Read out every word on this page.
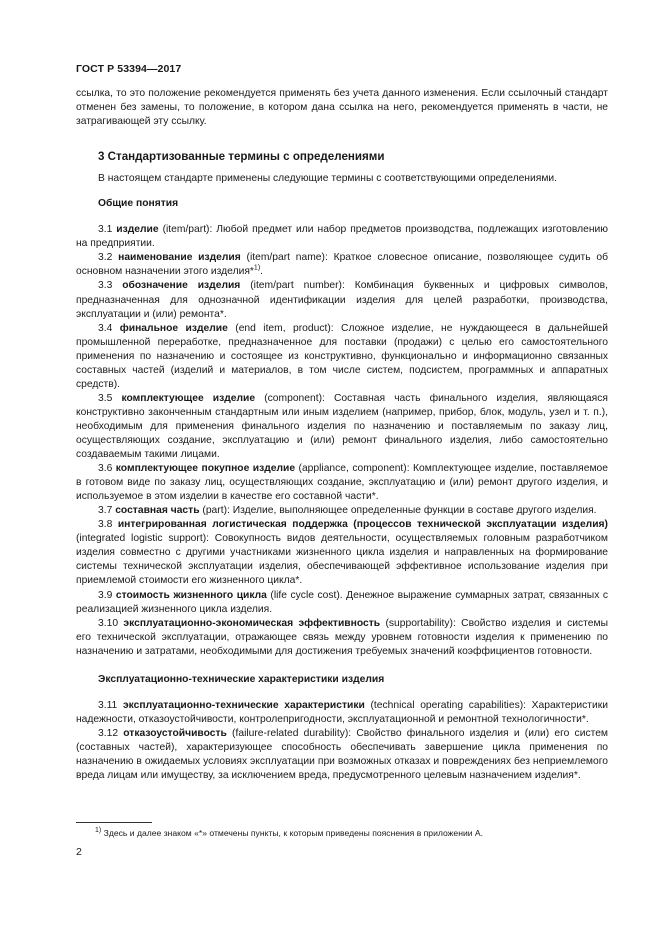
ГОСТ Р 53394—2017

ссылка, то это положение рекомендуется применять без учета данного изменения. Если ссылочный стандарт отменен без замены, то положение, в котором дана ссылка на него, рекомендуется применять в части, не затрагивающей эту ссылку.

3 Стандартизованные термины с определениями

В настоящем стандарте применены следующие термины с соответствующими определениями.

Общие понятия

3.1 изделие (item/part): Любой предмет или набор предметов производства, подлежащих изготовлению на предприятии.

3.2 наименование изделия (item/part name): Краткое словесное описание, позволяющее судить об основном назначении этого изделия*$^{1)}$.

3.3 обозначение изделия (item/part number): Комбинация буквенных и цифровых символов, предназначенная для однозначной идентификации изделия для целей разработки, производства, эксплуатации и (или) ремонта*.

3.4 финальное изделие (end item, product): Сложное изделие, не нуждающееся в дальнейшей промышленной переработке, предназначенное для поставки (продажи) с целью его самостоятельного применения по назначению и состоящее из конструктивно, функционально и информационно связанных составных частей (изделий и материалов, в том числе систем, подсистем, программных и аппаратных средств).

3.5 комплектующее изделие (component): Составная часть финального изделия, являющаяся конструктивно законченным стандартным или иным изделием (например, прибор, блок, модуль, узел и т. п.), необходимым для применения финального изделия по назначению и поставляемым по заказу лиц, осуществляющих создание, эксплуатацию и (или) ремонт финального изделия, либо самостоятельно создаваемым такими лицами.

3.6 комплектующее покупное изделие (appliance, component): Комплектующее изделие, поставляемое в готовом виде по заказу лиц, осуществляющих создание, эксплуатацию и (или) ремонт другого изделия, и используемое в этом изделии в качестве его составной части*.

3.7 составная часть (part): Изделие, выполняющее определенные функции в составе другого изделия.

3.8 интегрированная логистическая поддержка (процессов технической эксплуатации изделия) (integrated logistic support): Совокупность видов деятельности, осуществляемых головным разработчиком изделия совместно с другими участниками жизненного цикла изделия и направленных на формирование системы технической эксплуатации изделия, обеспечивающей эффективное использование изделия при приемлемой стоимости его жизненного цикла*.

3.9 стоимость жизненного цикла (life cycle cost). Денежное выражение суммарных затрат, связанных с реализацией жизненного цикла изделия.

3.10 эксплуатационно-экономическая эффективность (supportability): Свойство изделия и системы его технической эксплуатации, отражающее связь между уровнем готовности изделия к применению по назначению и затратами, необходимыми для достижения требуемых значений коэффициентов готовности.

Эксплуатационно-технические характеристики изделия

3.11 эксплуатационно-технические характеристики (technical operating capabilities): Характеристики надежности, отказоустойчивости, контролепригодности, эксплуатационной и ремонтной технологичности*.

3.12 отказоустойчивость (failure-related durability): Свойство финального изделия и (или) его систем (составных частей), характеризующее способность обеспечивать завершение цикла применения по назначению в ожидаемых условиях эксплуатации при возможных отказах и повреждениях без неприемлемого вреда лицам или имуществу, за исключением вреда, предусмотренного целевым назначением изделия*.

$^{1)}$ Здесь и далее знаком «*» отмечены пункты, к которым приведены пояснения в приложении А.
2
